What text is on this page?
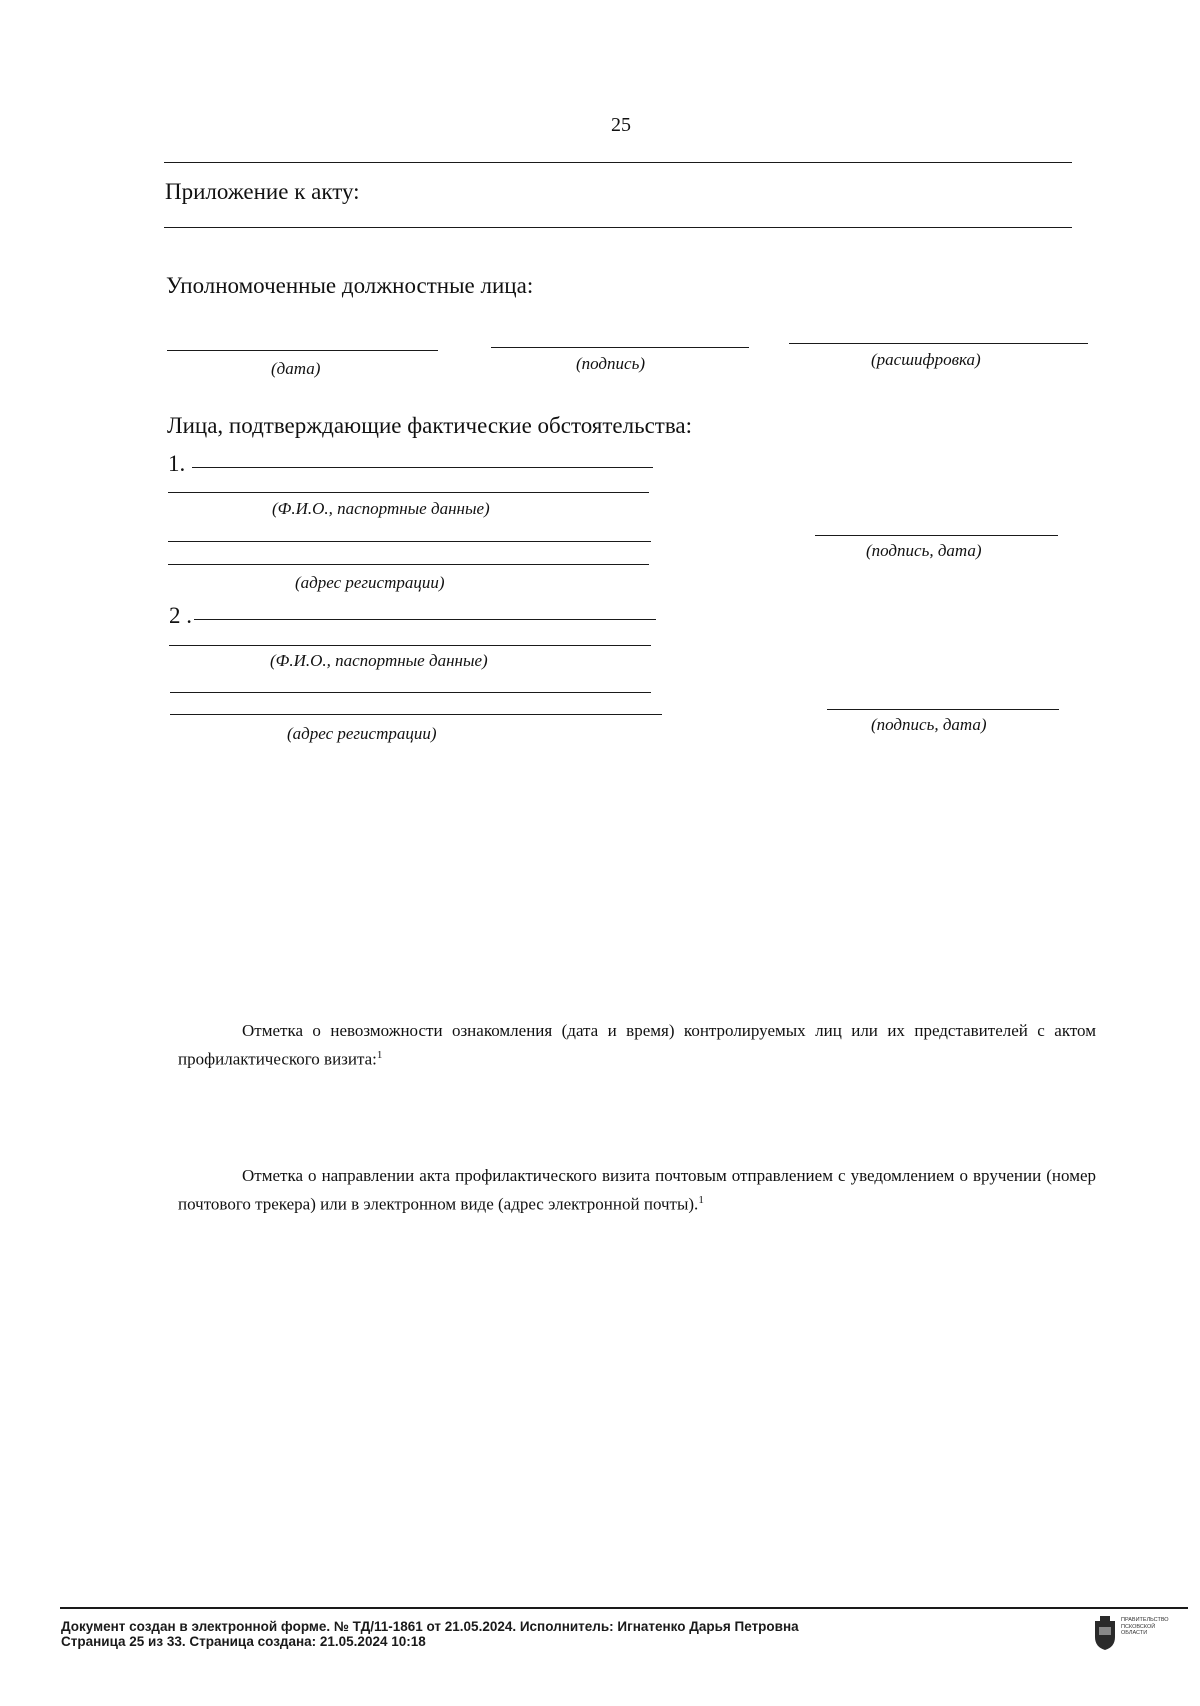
25
Приложение к акту:
Уполномоченные должностные лица:
(дата)	(подпись)	(расшифровка)
Лица, подтверждающие фактические обстоятельства:
1.
(Ф.И.О., паспортные данные)
(адрес регистрации)
(подпись, дата)
2 .
(Ф.И.О., паспортные данные)
(адрес регистрации)	(подпись, дата)
Отметка о невозможности ознакомления (дата и время) контролируемых лиц или их представителей с актом профилактического визита:$^1$
Отметка о направлении акта профилактического визита почтовым отправлением с уведомлением о вручении (номер почтового трекера) или в электронном виде (адрес электронной почты).$^1$
Документ создан в электронной форме. № ТД/11-1861 от 21.05.2024. Исполнитель: Игнатенко Дарья Петровна
Страница 25 из 33. Страница создана: 21.05.2024 10:18
ПРАВИТЕЛЬСТВО
ПСКОВСКОЙ
ОБЛАСТИ
